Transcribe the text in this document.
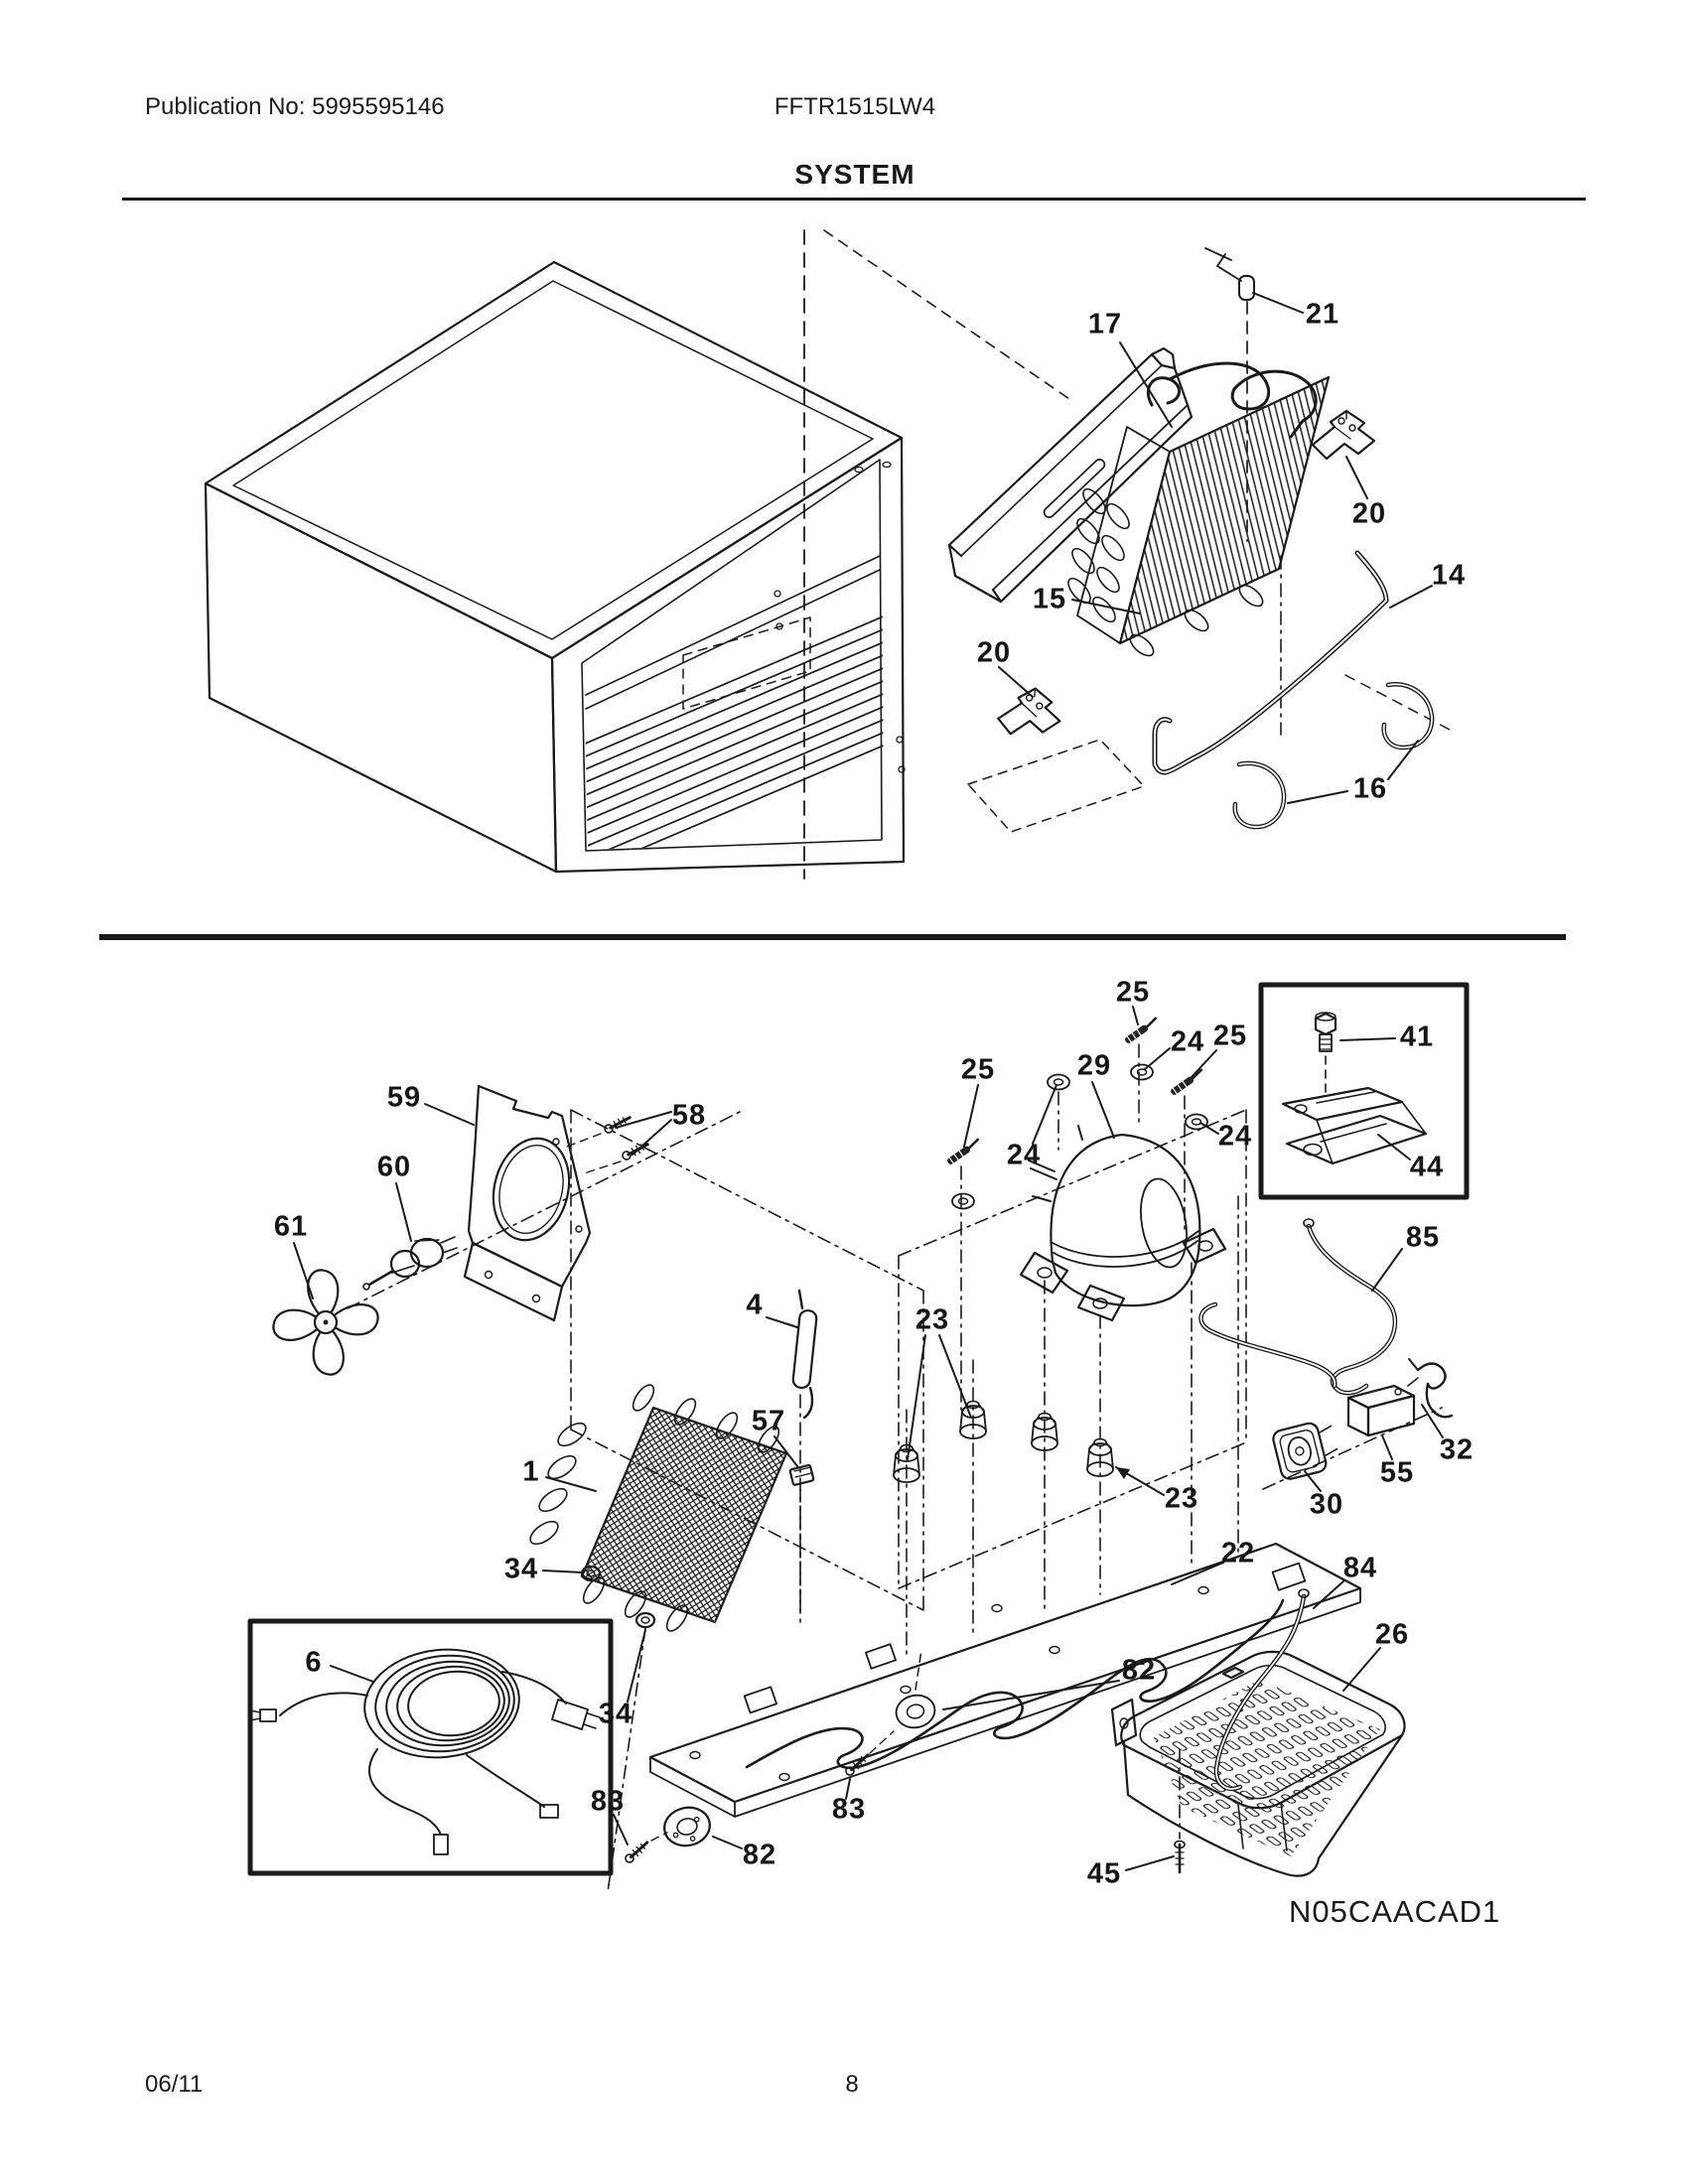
Publication No: 5995595146	FFTR1515LW4
SYSTEM
17	21
20
14
15
20
16
59
58
60
61
25
24 25
29
25
24
24
41
44
85
4	23
57
1
34
32
55
30
23
22	84
26
82
34
83
82
83
45
6
N05CAACAD1
06/11	8
